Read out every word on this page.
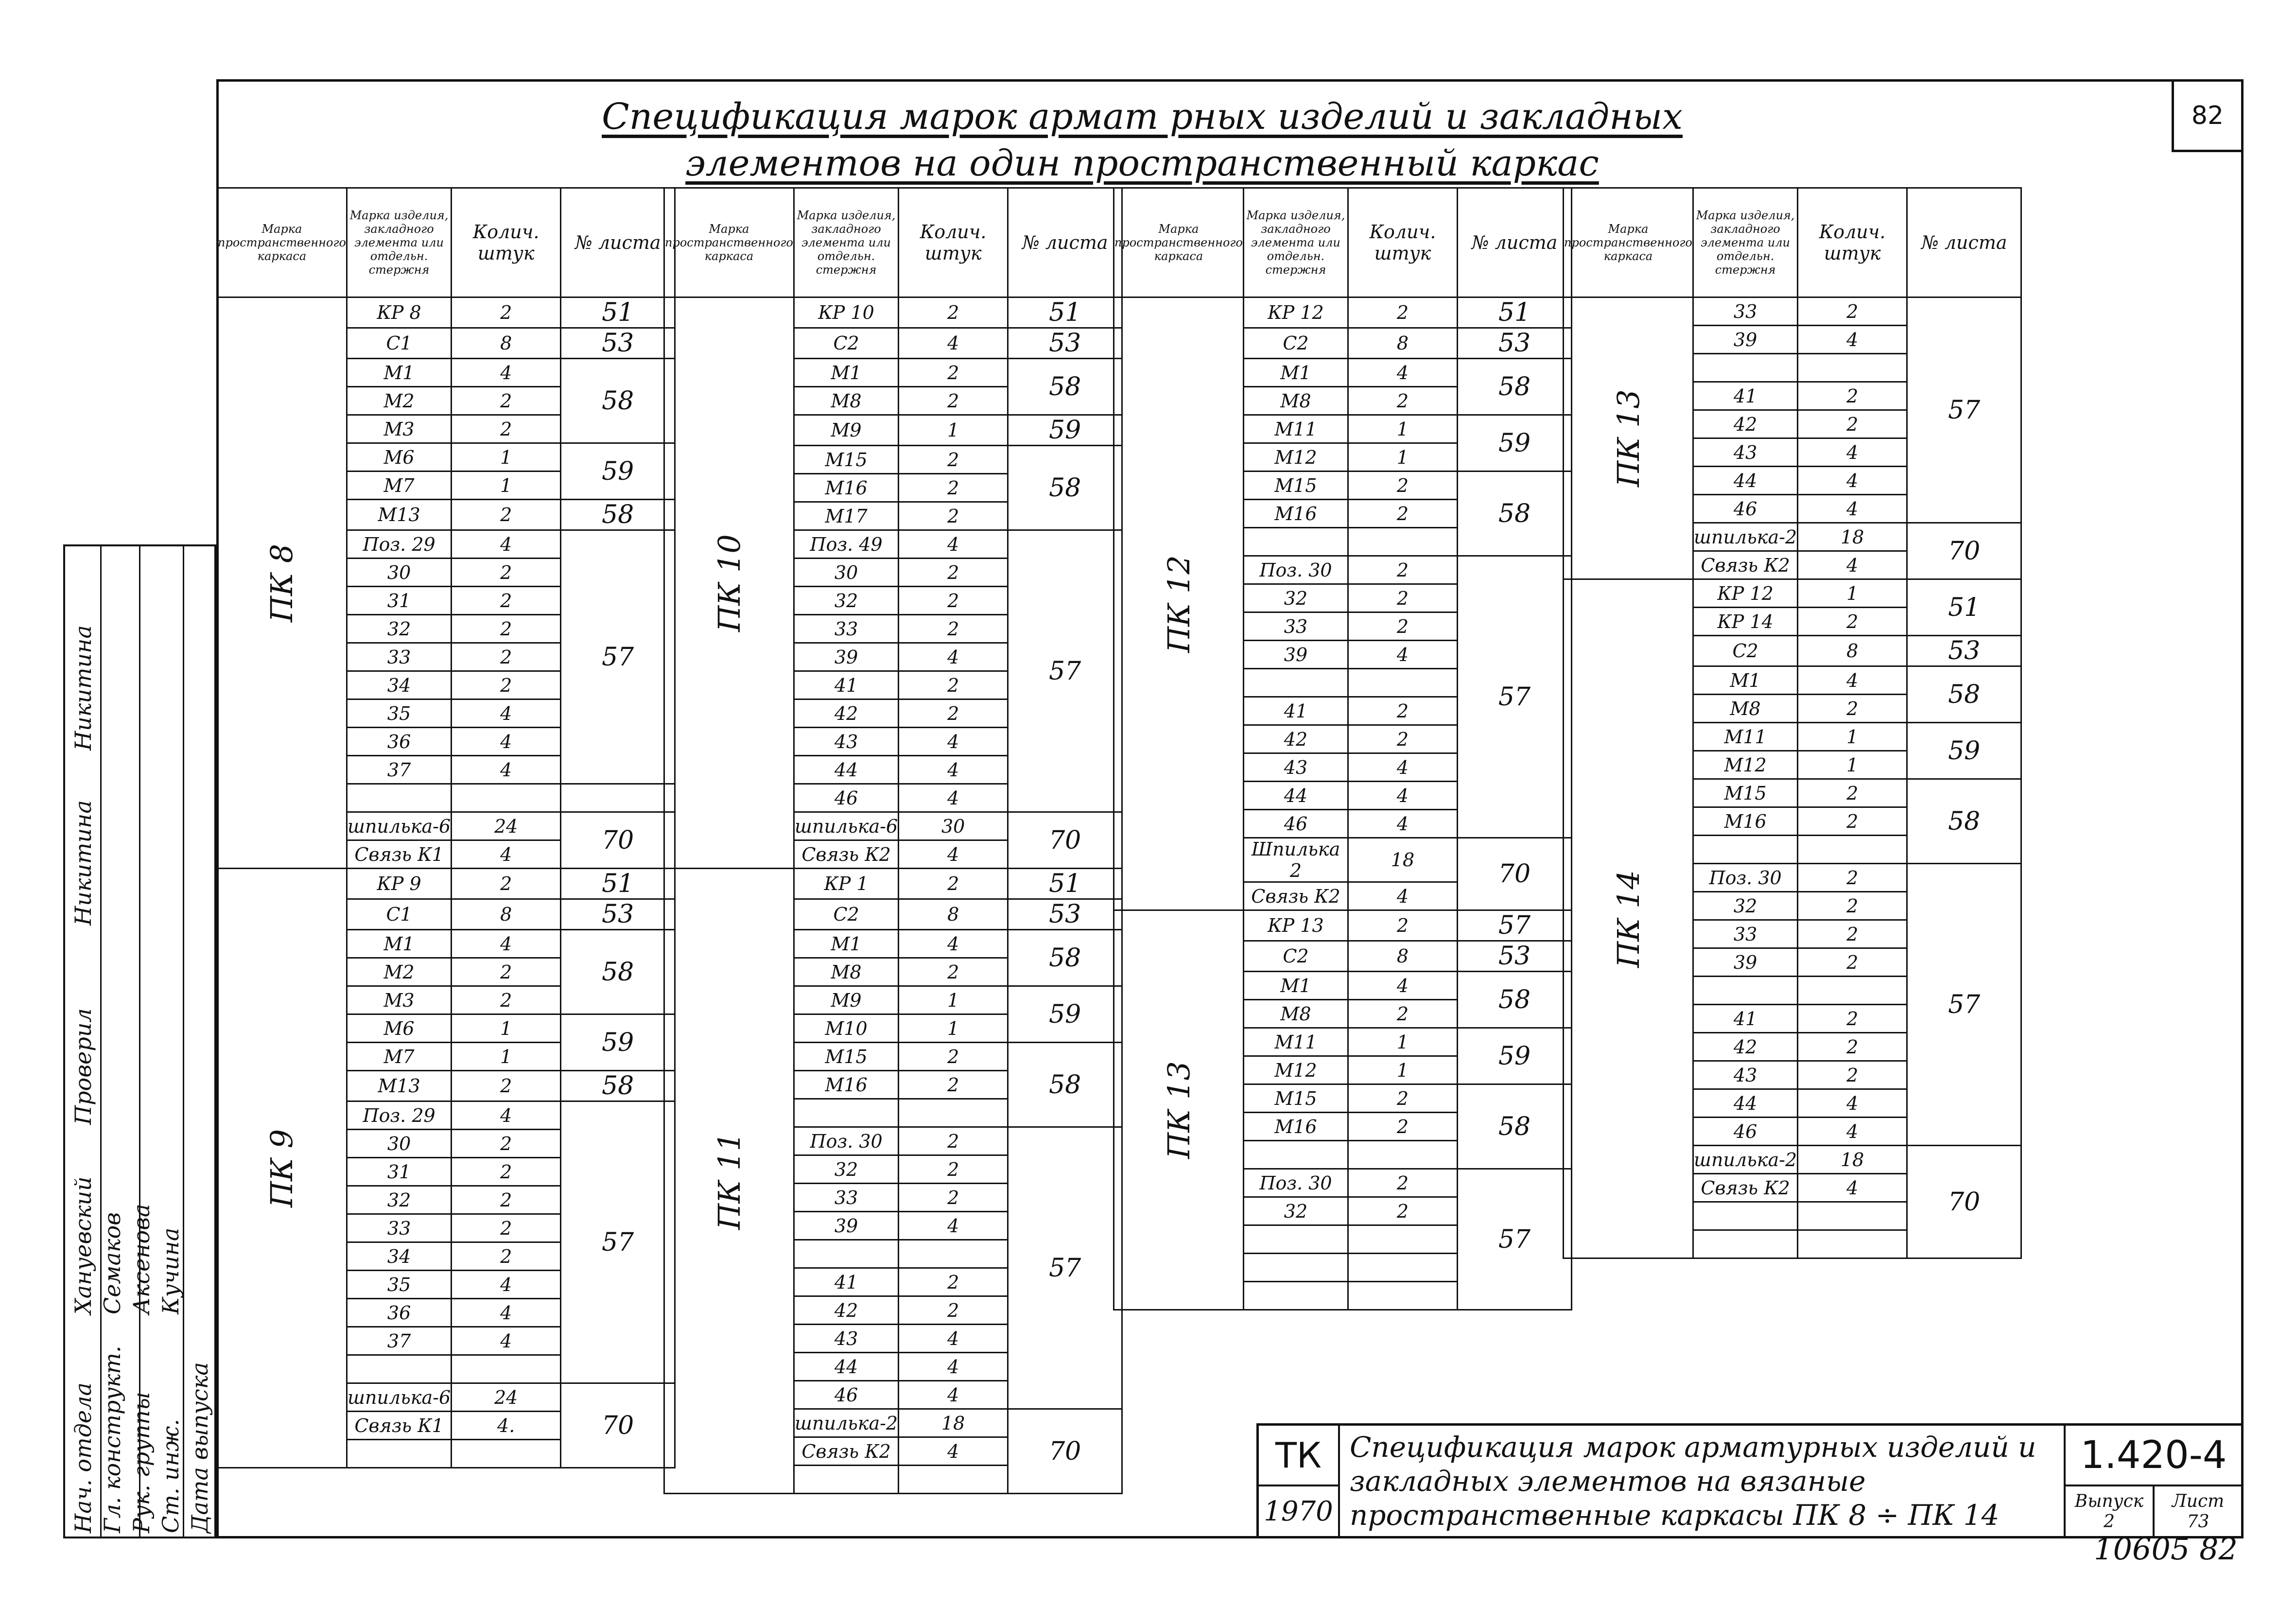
82
Спецификация марок армат рных изделий и закладных
элементов на один пространственный каркас
Марка пространственного каркаса	Марка изделия, закладного элемента или отдельн. стержня	Колич. штук	№ листа
ПК 8	КР 8	2	51
	С1	8	53
	М1	4	58
	М2	2	
	М3	2	
	М6	1	59
	М7	1	
	М13	2	58
	Поз. 29	4	57
	30	2	
	31	2	
	32	2	
	33	2	
	34	2	
	35	4	
	36	4	
	37	4	

	шпилька-6	24	70
	Связь К1	4	
ПК 9	КР 9	2	51
	С1	8	53
	М1	4	58
	М2	2	
	М3	2	
	М6	1	59
	М7	1	
	М13	2	58
	Поз. 29	4	57
	30	2	
	31	2	
	32	2	
	33	2	
	34	2	
	35	4	
	36	4	
	37	4	

	шпилька-6	24	70
	Связь К1	4.	

Марка пространственного каркаса	Марка изделия, закладного элемента или отдельн. стержня	Колич. штук	№ листа
ПК 10	КР 10	2	51
	С2	4	53
	М1	2	58
	М8	2	
	М9	1	59
	М15	2	58
	М16	2	
	М17	2	
	Поз. 49	4	57
	30	2	
	32	2	
	33	2	
	39	4	
	41	2	
	42	2	
	43	4	
	44	4	
	46	4	
	шпилька-6	30	70
	Связь К2	4	
ПК 11	КР 1	2	51
	С2	8	53
	М1	4	58
	М8	2	
	М9	1	59
	М10	1	
	М15	2	58
	М16	2	

	Поз. 30	2	57
	32	2	
	33	2	
	39	4	

	41	2	
	42	2	
	43	4	
	44	4	
	46	4	
	шпилька-2	18	70
	Связь К2	4	

Марка пространственного каркаса	Марка изделия, закладного элемента или отдельн. стержня	Колич. штук	№ листа
ПК 12	КР 12	2	51
	С2	8	53
	М1	4	58
	М8	2	
	М11	1	59
	М12	1	
	М15	2	58
	М16	2	

	Поз. 30	2	57
	32	2	
	33	2	
	39	4	

	41	2	
	42	2	
	43	4	
	44	4	
	46	4	
	Шпилька 2	18	70
	Связь К2	4	
ПК 13	КР 13	2	57
	С2	8	53
	М1	4	58
	М8	2	
	М11	1	59
	М12	1	
	М15	2	58
	М16	2	

	Поз. 30	2	57
	32	2	

Марка пространственного каркаса	Марка изделия, закладного элемента или отдельн. стержня	Колич. штук	№ листа
ПК 13	33	2	57
	39	4	

	41	2	
	42	2	
	43	4	
	44	4	
	46	4	
	шпилька-2	18	70
	Связь К2	4	
ПК 14	КР 12	1	51
	КР 14	2	
	С2	8	53
	М1	4	58
	М8	2	
	М11	1	59
	М12	1	
	М15	2	58
	М16	2	

	Поз. 30	2	57
	32	2	
	33	2	
	39	2	

	41	2	
	42	2	
	43	2	
	44	4	
	46	4	
	шпилька-2	18	70
	Связь К2	4	

Нач. отдела Гл. конструкт. Рук. группы Ст. инж. Дата выпуска
Хануевский Семаков Аксенова Кучина
Проверил
Никитина
Никитина
ТК
1970
Спецификация марок арматурных изделий и
закладных элементов на вязаные
пространственные каркасы ПК 8 ÷ ПК 14
1.420-4
Выпуск
2
Лист
73
10605 82
